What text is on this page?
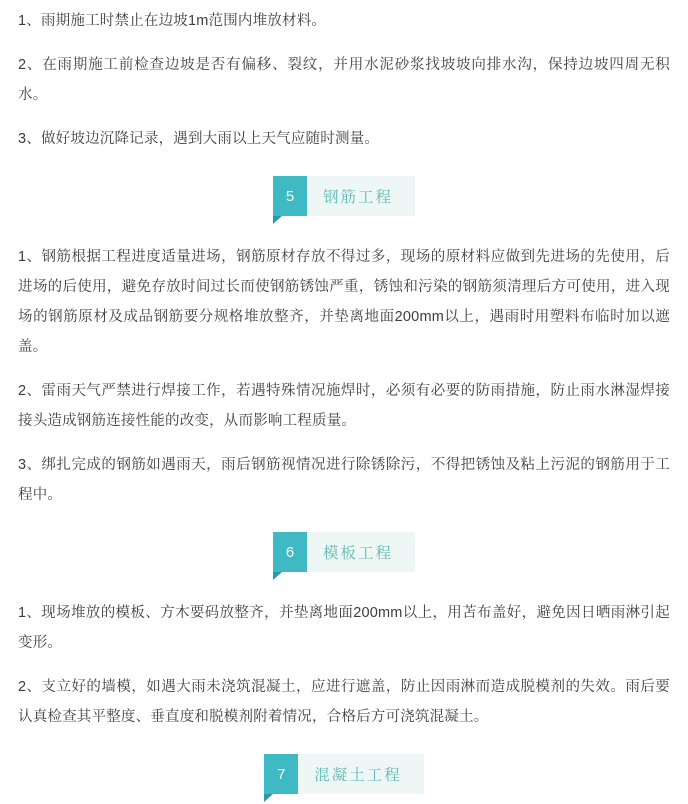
1、雨期施工时禁止在边坡1m范围内堆放材料。

2、在雨期施工前检查边坡是否有偏移、裂纹，并用水泥砂浆找坡坡向排水沟，保持边坡四周无积水。

3、做好坡边沉降记录，遇到大雨以上天气应随时测量。

5	钢筋工程

1、钢筋根据工程进度适量进场，钢筋原材存放不得过多，现场的原材料应做到先进场的先使用，后进场的后使用，避免存放时间过长而使钢筋锈蚀严重，锈蚀和污染的钢筋须清理后方可使用，进入现场的钢筋原材及成品钢筋要分规格堆放整齐，并垫离地面200mm以上，遇雨时用塑料布临时加以遮盖。

2、雷雨天气严禁进行焊接工作，若遇特殊情况施焊时，必须有必要的防雨措施，防止雨水淋湿焊接接头造成钢筋连接性能的改变，从而影响工程质量。

3、绑扎完成的钢筋如遇雨天，雨后钢筋视情况进行除锈除污，不得把锈蚀及粘上污泥的钢筋用于工程中。

6	模板工程

1、现场堆放的模板、方木要码放整齐，并垫离地面200mm以上，用苫布盖好，避免因日晒雨淋引起变形。

2、支立好的墙模，如遇大雨未浇筑混凝土，应进行遮盖，防止因雨淋而造成脱模剂的失效。雨后要认真检查其平整度、垂直度和脱模剂附着情况，合格后方可浇筑混凝土。

7	混凝土工程
